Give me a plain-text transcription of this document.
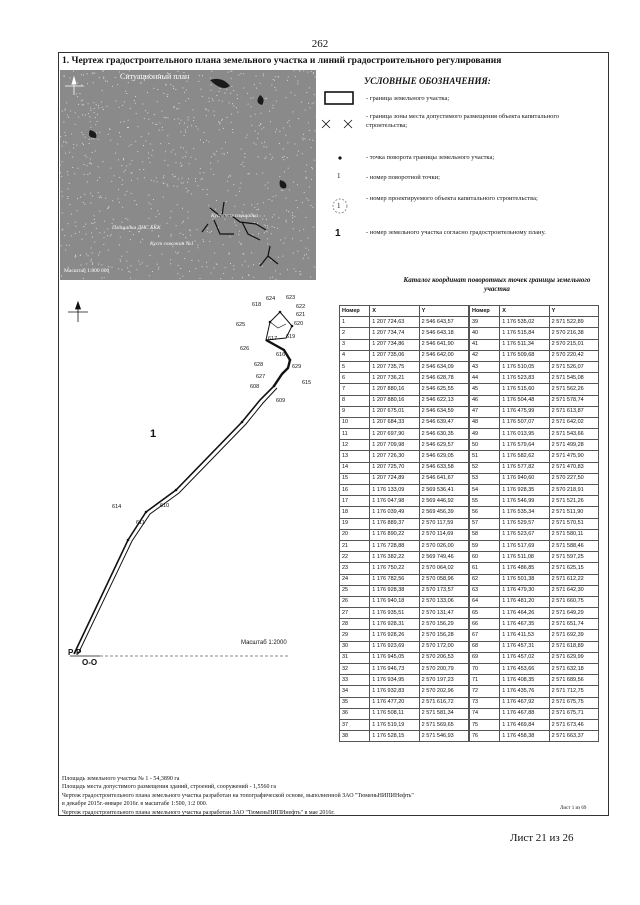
262
1. Чертеж градостроительного плана земельного участка и линий градостроительного регулирования
Ситуационный план
Кустовая площадка
Площадка ДНС БКК
Куст скважин №1
Масштаб 1:800 000
УСЛОВНЫЕ ОБОЗНАЧЕНИЯ:
1
1
1
- граница земельного участка;
- граница зоны места допустимого размещения объекта капитального строительства;
- точка поворота границы земельного участка;
- номер поворотной точки;
- номер проектируемого объекта капитального строительства;
- номер земельного участка согласно градостроительному плану.
1
Масштаб 1:2000
Р-Р
О-О
618
624 623
622
621
620
625
617 619
626
616
628
627
629
615
608
609
614	610
611
Каталог координат поворотных точек границы земельного участка
Номер	X	Y
1	1 207 724,63	2 546 643,57
2	1 207 734,74	2 546 643,18
3	1 207 734,86	2 546 641,90
4	1 207 735,06	2 546 642,00
5	1 207 735,75	2 546 634,09
6	1 207 736,21	2 546 628,78
7	1 207 880,16	2 546 625,55
8	1 207 880,16	2 546 622,13
9	1 207 675,01	2 546 634,59
10	1 207 684,33	2 546 639,47
11	1 207 697,90	2 546 630,35
12	1 207 709,98	2 546 629,57
13	1 207 726,30	2 546 629,05
14	1 207 725,70	2 546 633,58
15	1 207 724,89	2 546 641,67
16	1 176 133,09	2 569 536,41
17	1 176 047,98	2 569 446,92
18	1 176 039,49	2 569 456,39
19	1 176 889,37	2 570 117,59
20	1 176 890,22	2 570 114,69
21	1 176 728,88	2 570 026,00
22	1 176 382,22	2 569 749,46
23	1 176 750,22	2 570 064,02
24	1 176 782,56	2 570 058,96
25	1 176 928,38	2 570 173,57
26	1 176 940,18	2 570 133,06
27	1 176 935,51	2 570 131,47
28	1 176 928,31	2 570 156,29
29	1 176 928,26	2 570 156,28
30	1 176 923,69	2 570 172,00
31	1 176 945,05	2 570 206,53
32	1 176 946,73	2 570 200,79
33	1 176 934,95	2 570 197,23
34	1 176 932,83	2 570 202,96
35	1 176 477,20	2 571 616,72
36	1 176 508,11	2 571 581,34
37	1 176 519,19	2 571 569,65
38	1 176 528,15	2 571 546,93
Номер	X	Y
39	1 176 535,02	2 571 522,89
40	1 176 515,84	2 570 216,38
41	1 176 511,34	2 570 215,01
42	1 176 509,68	2 570 220,42
43	1 176 510,05	2 571 526,07
44	1 176 523,83	2 571 545,08
45	1 176 515,60	2 571 562,26
46	1 176 504,48	2 571 578,74
47	1 176 475,99	2 571 613,87
48	1 176 507,07	2 571 642,02
49	1 176 013,95	2 571 543,66
50	1 176 579,64	2 571 499,28
51	1 176 582,62	2 571 475,90
52	1 176 577,82	2 571 470,83
53	1 176 940,60	2 570 227,50
54	1 176 928,35	2 570 218,91
55	1 176 546,99	2 571 521,26
56	1 176 535,34	2 571 511,90
57	1 176 529,57	2 571 570,51
58	1 176 523,67	2 571 580,11
59	1 176 517,69	2 571 588,46
60	1 176 511,08	2 571 597,25
61	1 176 486,85	2 571 625,15
62	1 176 501,38	2 571 612,22
63	1 176 479,30	2 571 642,30
64	1 176 481,20	2 571 660,75
65	1 176 464,26	2 571 649,29
66	1 176 467,35	2 571 651,74
67	1 176 411,53	2 571 692,39
68	1 176 457,31	2 571 618,89
69	1 176 457,02	2 571 629,99
70	1 176 453,66	2 571 632,18
71	1 176 408,35	2 571 689,56
72	1 176 435,76	2 571 712,75
73	1 176 467,92	2 571 675,75
74	1 176 467,88	2 571 675,71
75	1 176 469,84	2 571 673,46
76	1 176 458,38	2 571 663,37
Площадь земельного участка № 1 - 54,3890 га
Площадь места допустимого размещения зданий, строений, сооружений - 1,5560 га
Чертеж градостроительного плана земельного участка разработан на топографической основе, выполненной ЗАО "ТюменьНИПИНефть"
в декабре 2015г.-январе 2016г. в масштабе 1:500, 1:2 000.
Чертеж градостроительного плана земельного участка разработан ЗАО "ТюменьНИПИнефть" в мае 2016г.
Лист 1 из 69
Лист 21 из 26
